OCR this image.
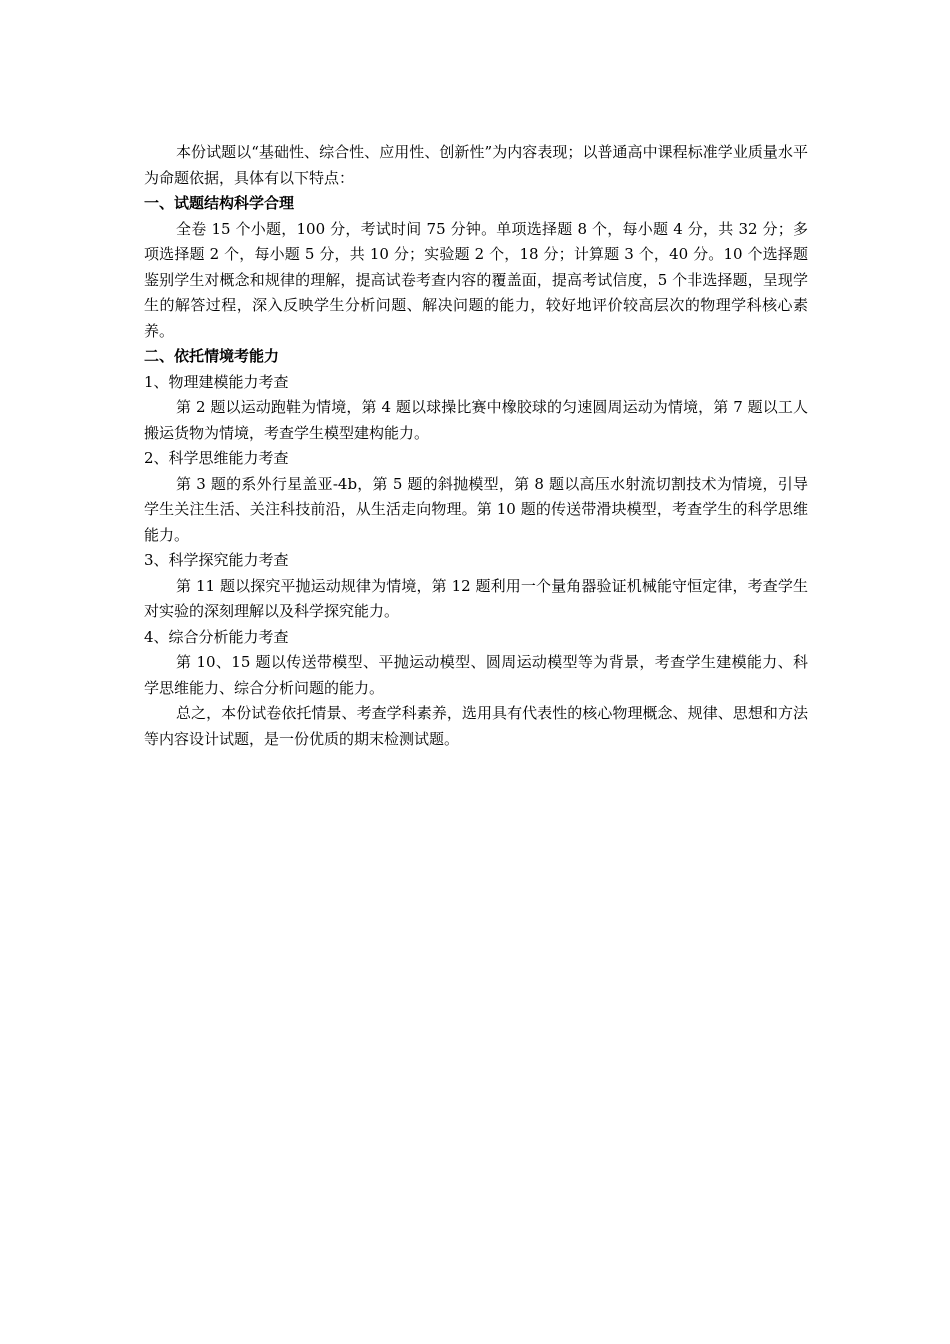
本份试题以“基础性、综合性、应用性、创新性”为内容表现；以普通高中课程标准学业质量水平为命题依据，具体有以下特点：

一、试题结构科学合理

全卷 15 个小题，100 分，考试时间 75 分钟。单项选择题 8 个，每小题 4 分，共 32 分；多项选择题 2 个，每小题 5 分，共 10 分；实验题 2 个，18 分；计算题 3 个，40 分。10 个选择题鉴别学生对概念和规律的理解，提高试卷考查内容的覆盖面，提高考试信度，5 个非选择题，呈现学生的解答过程，深入反映学生分析问题、解决问题的能力，较好地评价较高层次的物理学科核心素养。

二、依托情境考能力

1、物理建模能力考查

第 2 题以运动跑鞋为情境，第 4 题以球操比赛中橡胶球的匀速圆周运动为情境，第 7 题以工人搬运货物为情境，考查学生模型建构能力。

2、科学思维能力考查

第 3 题的系外行星盖亚-4b，第 5 题的斜抛模型，第 8 题以高压水射流切割技术为情境，引导学生关注生活、关注科技前沿，从生活走向物理。第 10 题的传送带滑块模型，考查学生的科学思维能力。

3、科学探究能力考查

第 11 题以探究平抛运动规律为情境，第 12 题利用一个量角器验证机械能守恒定律，考查学生对实验的深刻理解以及科学探究能力。

4、综合分析能力考查

第 10、15 题以传送带模型、平抛运动模型、圆周运动模型等为背景，考查学生建模能力、科学思维能力、综合分析问题的能力。

总之，本份试卷依托情景、考查学科素养，选用具有代表性的核心物理概念、规律、思想和方法等内容设计试题，是一份优质的期末检测试题。
